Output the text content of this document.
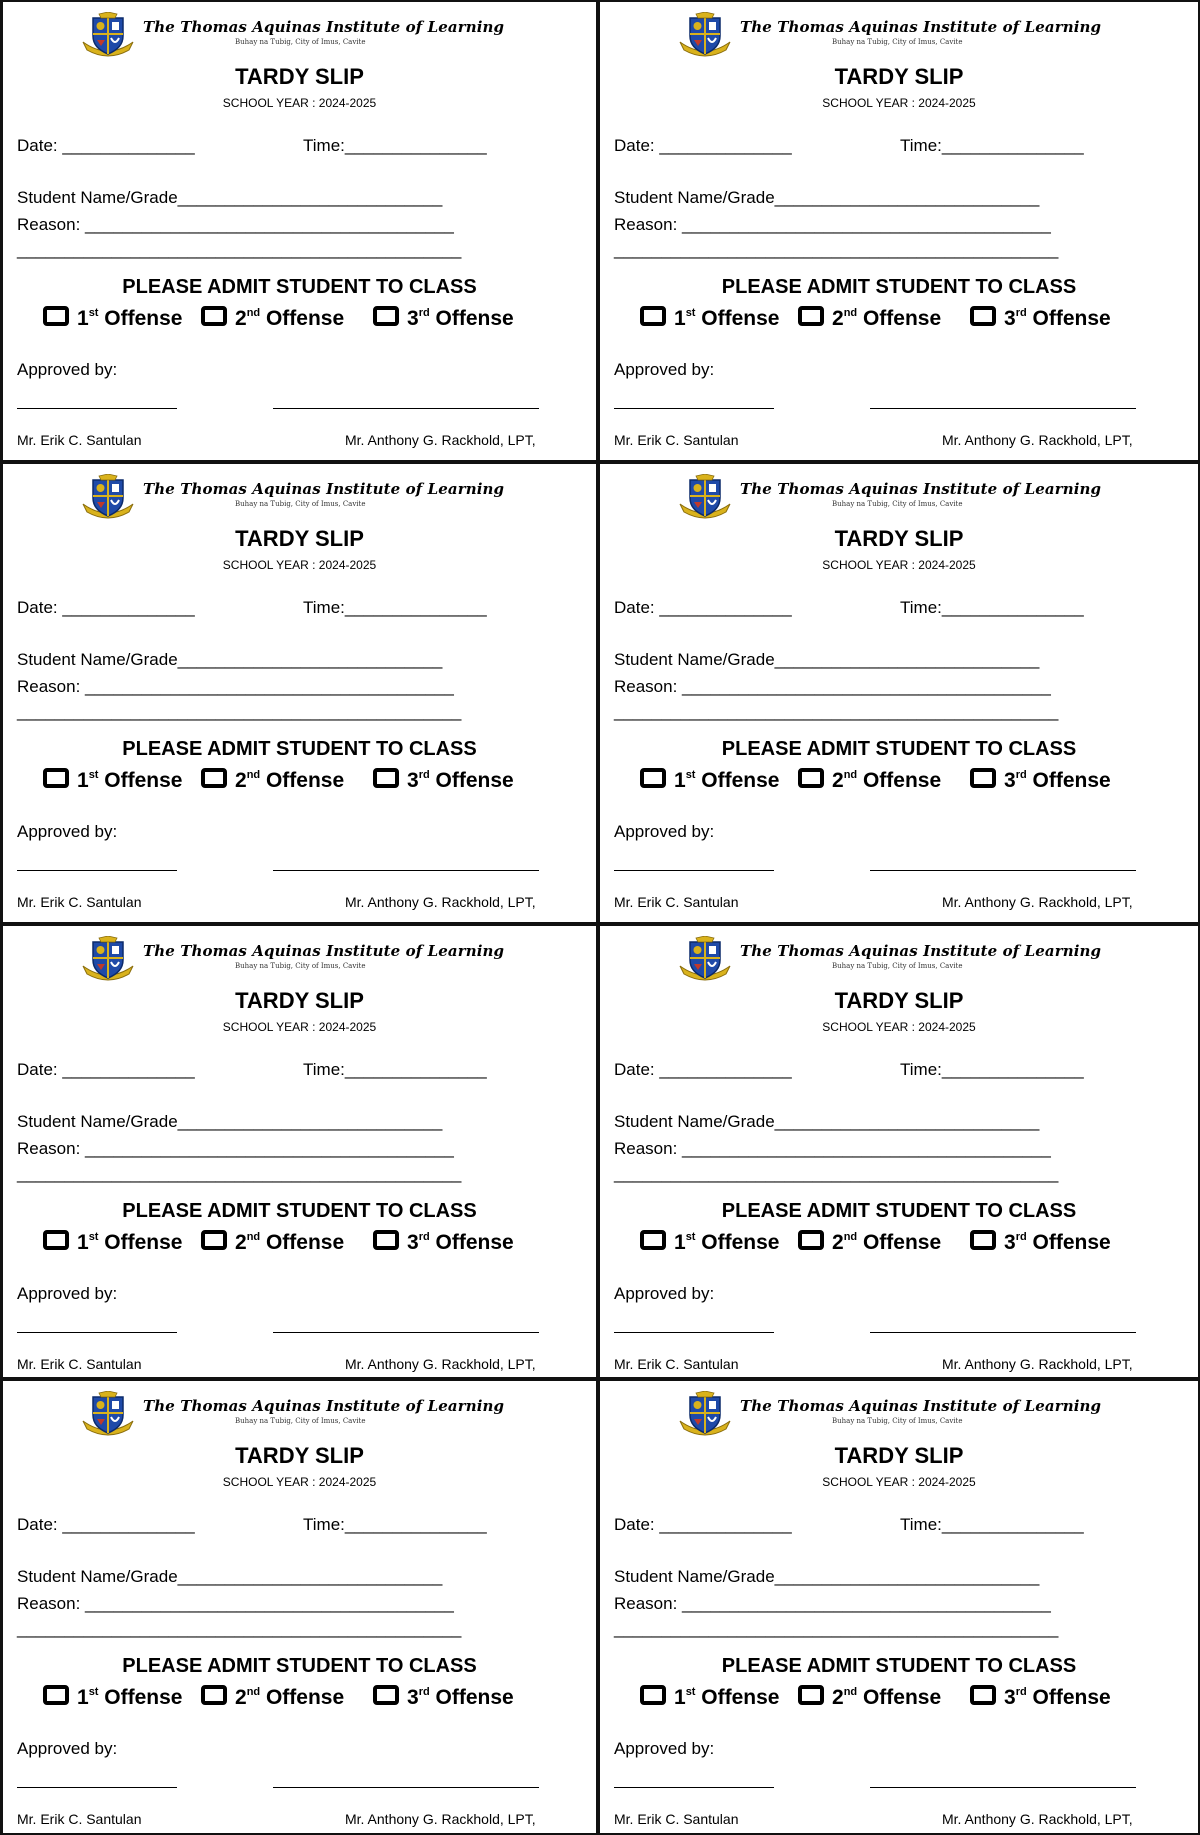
The Thomas Aquinas Institute of Learning
Buhay na Tubig, City of Imus, Cavite
TARDY SLIP
SCHOOL YEAR : 2024-2025
Date: ______________	Time:_______________
Student Name/Grade____________________________
Reason: _______________________________________
_______________________________________________
PLEASE ADMIT STUDENT TO CLASS
1st Offense	2nd Offense	3rd Offense
Approved by:
Mr. Erik C. Santulan	Mr. Anthony G. Rackhold, LPT,
The Thomas Aquinas Institute of Learning
Buhay na Tubig, City of Imus, Cavite
TARDY SLIP
SCHOOL YEAR : 2024-2025
Date: ______________	Time:_______________
Student Name/Grade____________________________
Reason: _______________________________________
_______________________________________________
PLEASE ADMIT STUDENT TO CLASS
1st Offense	2nd Offense	3rd Offense
Approved by:
Mr. Erik C. Santulan	Mr. Anthony G. Rackhold, LPT,
The Thomas Aquinas Institute of Learning
Buhay na Tubig, City of Imus, Cavite
TARDY SLIP
SCHOOL YEAR : 2024-2025
Date: ______________	Time:_______________
Student Name/Grade____________________________
Reason: _______________________________________
_______________________________________________
PLEASE ADMIT STUDENT TO CLASS
1st Offense	2nd Offense	3rd Offense
Approved by:
Mr. Erik C. Santulan	Mr. Anthony G. Rackhold, LPT,
The Thomas Aquinas Institute of Learning
Buhay na Tubig, City of Imus, Cavite
TARDY SLIP
SCHOOL YEAR : 2024-2025
Date: ______________	Time:_______________
Student Name/Grade____________________________
Reason: _______________________________________
_______________________________________________
PLEASE ADMIT STUDENT TO CLASS
1st Offense	2nd Offense	3rd Offense
Approved by:
Mr. Erik C. Santulan	Mr. Anthony G. Rackhold, LPT,
The Thomas Aquinas Institute of Learning
Buhay na Tubig, City of Imus, Cavite
TARDY SLIP
SCHOOL YEAR : 2024-2025
Date: ______________	Time:_______________
Student Name/Grade____________________________
Reason: _______________________________________
_______________________________________________
PLEASE ADMIT STUDENT TO CLASS
1st Offense	2nd Offense	3rd Offense
Approved by:
Mr. Erik C. Santulan	Mr. Anthony G. Rackhold, LPT,
The Thomas Aquinas Institute of Learning
Buhay na Tubig, City of Imus, Cavite
TARDY SLIP
SCHOOL YEAR : 2024-2025
Date: ______________	Time:_______________
Student Name/Grade____________________________
Reason: _______________________________________
_______________________________________________
PLEASE ADMIT STUDENT TO CLASS
1st Offense	2nd Offense	3rd Offense
Approved by:
Mr. Erik C. Santulan	Mr. Anthony G. Rackhold, LPT,
The Thomas Aquinas Institute of Learning
Buhay na Tubig, City of Imus, Cavite
TARDY SLIP
SCHOOL YEAR : 2024-2025
Date: ______________	Time:_______________
Student Name/Grade____________________________
Reason: _______________________________________
_______________________________________________
PLEASE ADMIT STUDENT TO CLASS
1st Offense	2nd Offense	3rd Offense
Approved by:
Mr. Erik C. Santulan	Mr. Anthony G. Rackhold, LPT,
The Thomas Aquinas Institute of Learning
Buhay na Tubig, City of Imus, Cavite
TARDY SLIP
SCHOOL YEAR : 2024-2025
Date: ______________	Time:_______________
Student Name/Grade____________________________
Reason: _______________________________________
_______________________________________________
PLEASE ADMIT STUDENT TO CLASS
1st Offense	2nd Offense	3rd Offense
Approved by:
Mr. Erik C. Santulan	Mr. Anthony G. Rackhold, LPT,
